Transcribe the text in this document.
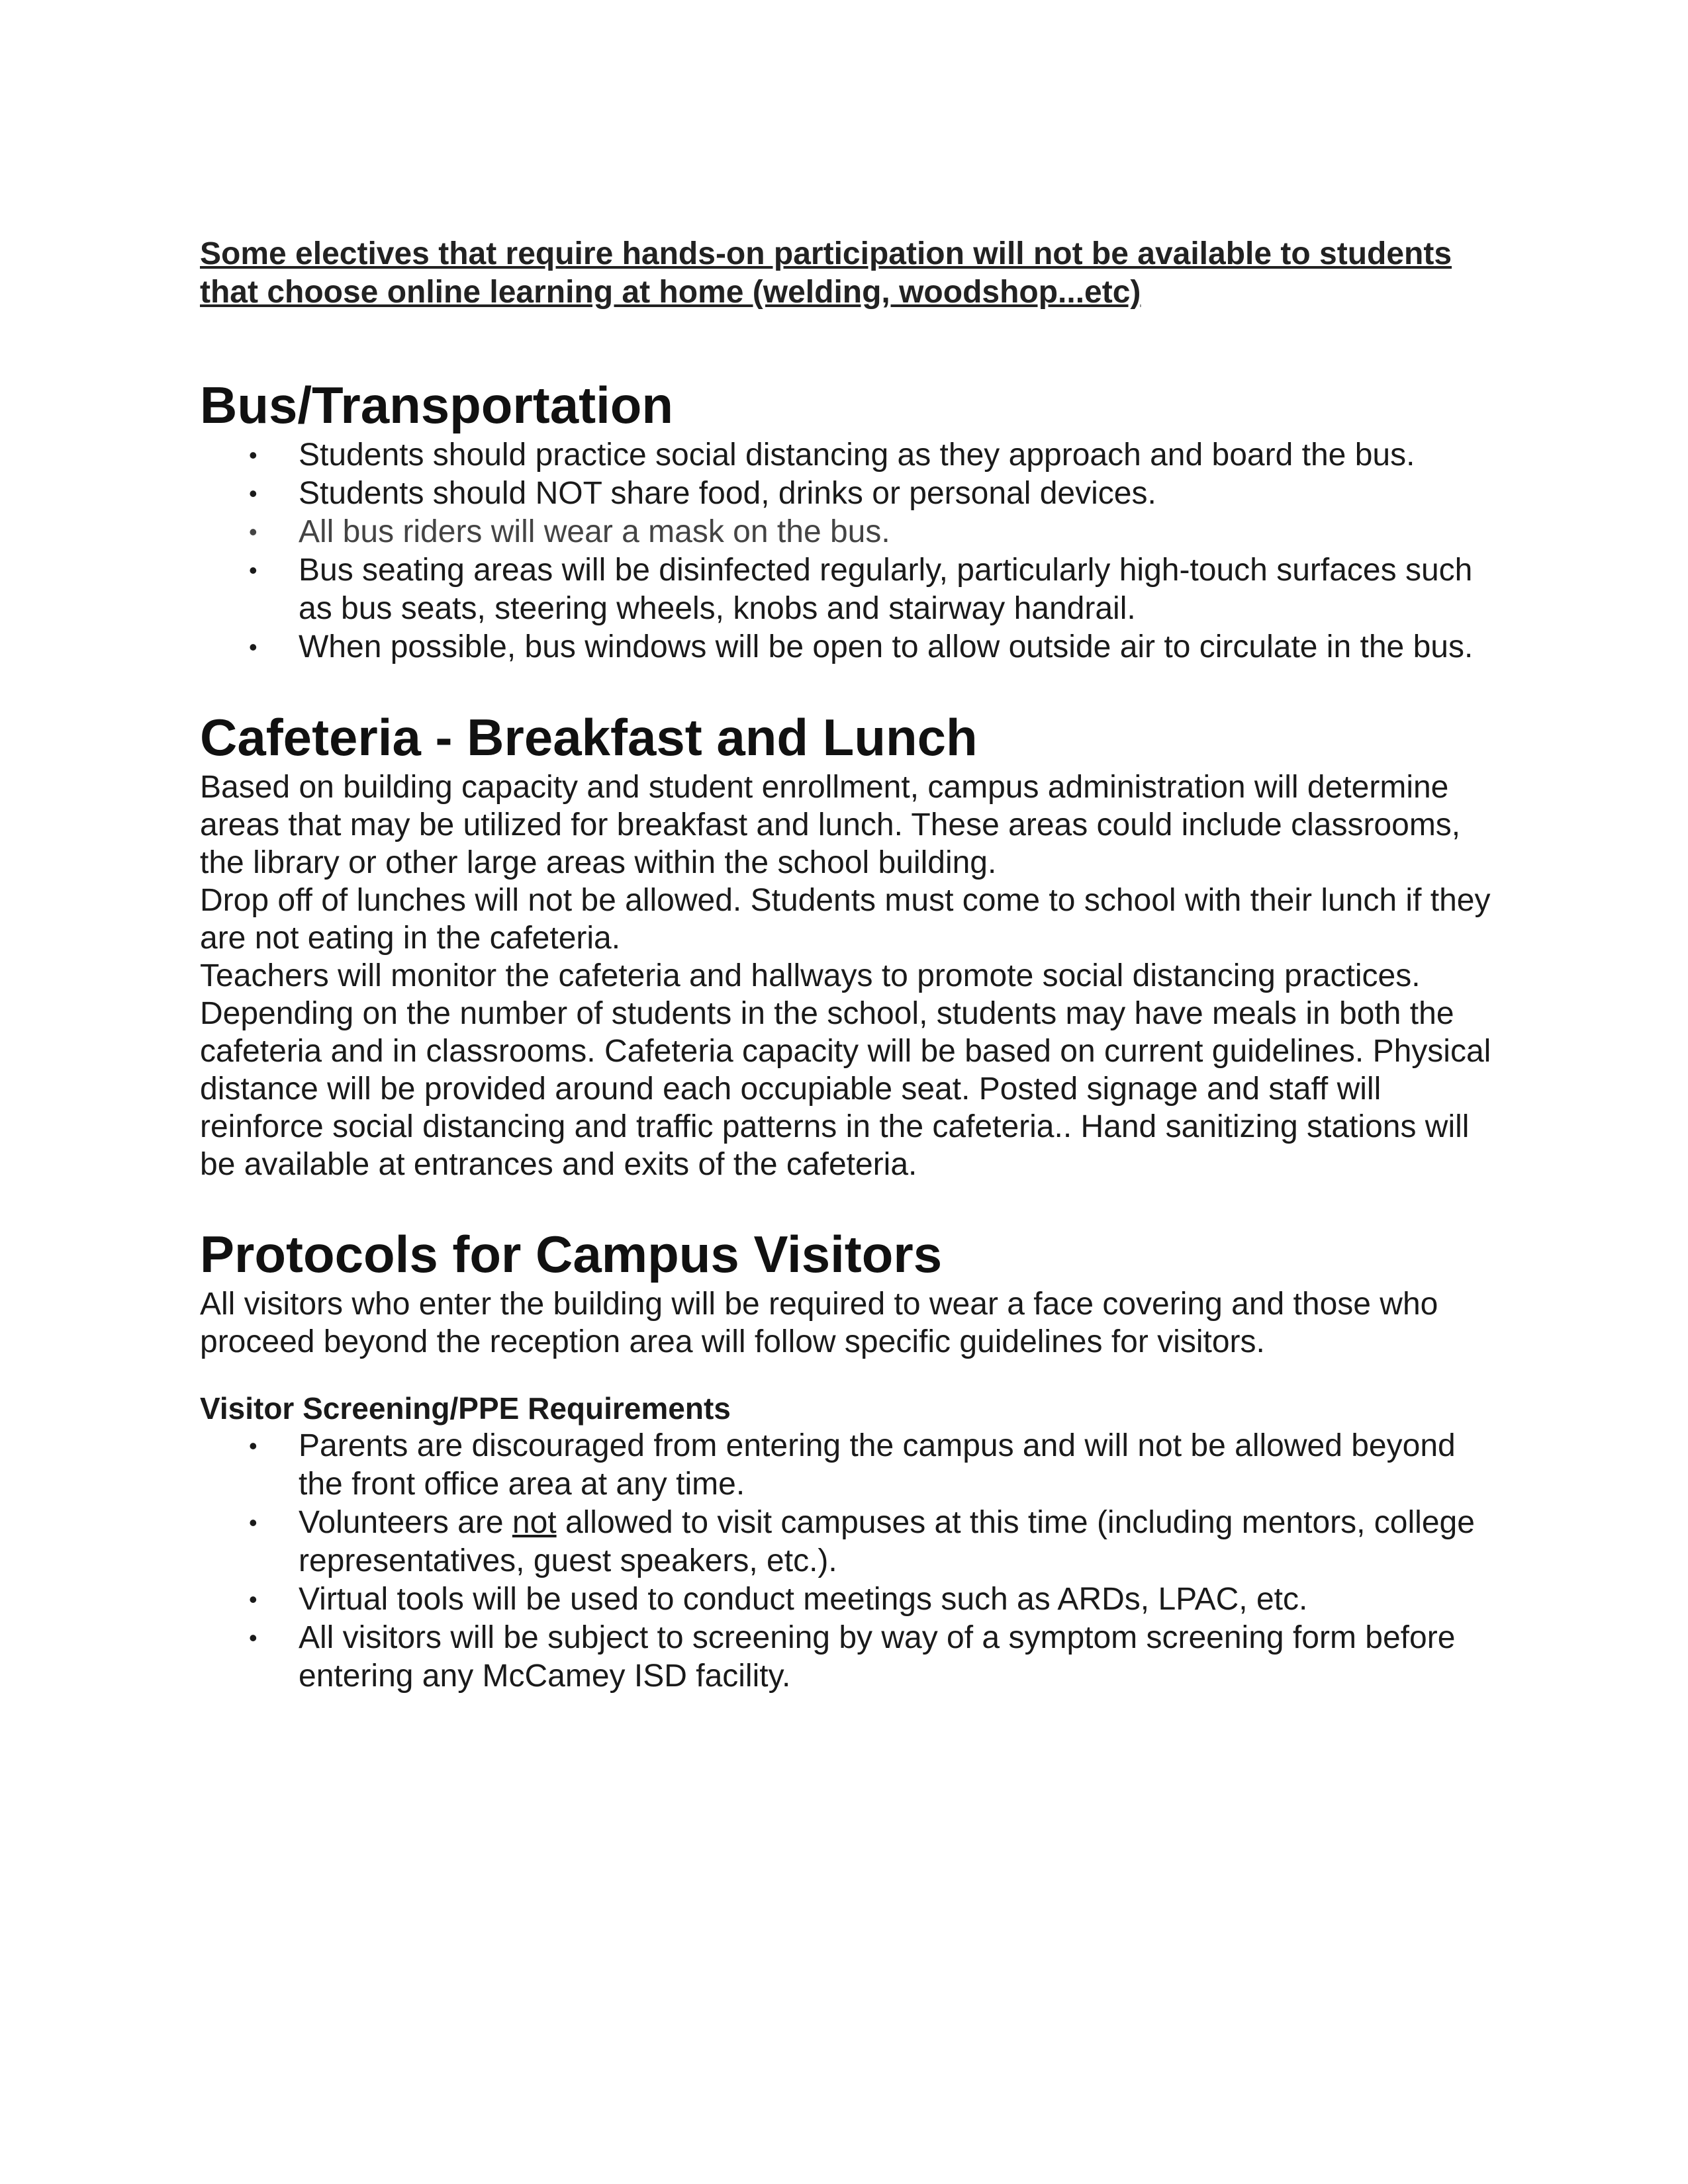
Some electives that require hands-on participation will not be available to students that choose online learning at home (welding, woodshop...etc)

Bus/Transportation
• Students should practice social distancing as they approach and board the bus.
• Students should NOT share food, drinks or personal devices.
• All bus riders will wear a mask on the bus.
• Bus seating areas will be disinfected regularly, particularly high-touch surfaces such as bus seats, steering wheels, knobs and stairway handrail.
• When possible, bus windows will be open to allow outside air to circulate in the bus.
Cafeteria - Breakfast and Lunch

Based on building capacity and student enrollment, campus administration will determine areas that may be utilized for breakfast and lunch. These areas could include classrooms, the library or other large areas within the school building.

Drop off of lunches will not be allowed. Students must come to school with their lunch if they are not eating in the cafeteria.

Teachers will monitor the cafeteria and hallways to promote social distancing practices. Depending on the number of students in the school, students may have meals in both the cafeteria and in classrooms. Cafeteria capacity will be based on current guidelines. Physical distance will be provided around each occupiable seat. Posted signage and staff will reinforce social distancing and traffic patterns in the cafeteria.. Hand sanitizing stations will be available at entrances and exits of the cafeteria.

Protocols for Campus Visitors

All visitors who enter the building will be required to wear a face covering and those who proceed beyond the reception area will follow specific guidelines for visitors.

Visitor Screening/PPE Requirements
• Parents are discouraged from entering the campus and will not be allowed beyond the front office area at any time.
• Volunteers are not allowed to visit campuses at this time (including mentors, college representatives, guest speakers, etc.).
• Virtual tools will be used to conduct meetings such as ARDs, LPAC, etc.
• All visitors will be subject to screening by way of a symptom screening form before entering any McCamey ISD facility.
